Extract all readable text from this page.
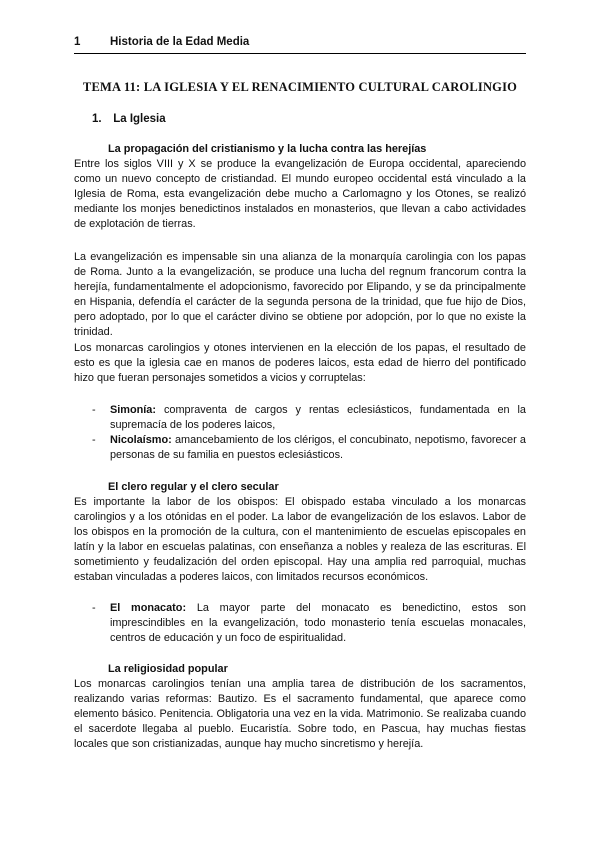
1	Historia de la Edad Media
TEMA 11: LA IGLESIA Y EL RENACIMIENTO CULTURAL CAROLINGIO
1. La Iglesia
La propagación del cristianismo y la lucha contra las herejías

Entre los siglos VIII y X se produce la evangelización de Europa occidental, apareciendo como un nuevo concepto de cristiandad. El mundo europeo occidental está vinculado a la Iglesia de Roma, esta evangelización debe mucho a Carlomagno y los Otones, se realizó mediante los monjes benedictinos instalados en monasterios, que llevan a cabo actividades de explotación de tierras.

La evangelización es impensable sin una alianza de la monarquía carolingia con los papas de Roma. Junto a la evangelización, se produce una lucha del regnum francorum contra la herejía, fundamentalmente el adopcionismo, favorecido por Elipando, y se da principalmente en Hispania, defendía el carácter de la segunda persona de la trinidad, que fue hijo de Dios, pero adoptado, por lo que el carácter divino se obtiene por adopción, por lo que no existe la trinidad.

Los monarcas carolingios y otones intervienen en la elección de los papas, el resultado de esto es que la iglesia cae en manos de poderes laicos, esta edad de hierro del pontificado hizo que fueran personajes sometidos a vicios y corruptelas:

- Simonía: compraventa de cargos y rentas eclesiásticos, fundamentada en la supremacía de los poderes laicos,
- Nicolaísmo: amancebamiento de los clérigos, el concubinato, nepotismo, favorecer a personas de su familia en puestos eclesiásticos.
El clero regular y el clero secular

Es importante la labor de los obispos: El obispado estaba vinculado a los monarcas carolingios y a los otónidas en el poder. La labor de evangelización de los eslavos. Labor de los obispos en la promoción de la cultura, con el mantenimiento de escuelas episcopales en latín y la labor en escuelas palatinas, con enseñanza a nobles y realeza de las escrituras. El sometimiento y feudalización del orden episcopal. Hay una amplia red parroquial, muchas estaban vinculadas a poderes laicos, con limitados recursos económicos.

- El monacato: La mayor parte del monacato es benedictino, estos son imprescindibles en la evangelización, todo monasterio tenía escuelas monacales, centros de educación y un foco de espiritualidad.
La religiosidad popular

Los monarcas carolingios tenían una amplia tarea de distribución de los sacramentos, realizando varias reformas: Bautizo. Es el sacramento fundamental, que aparece como elemento básico. Penitencia. Obligatoria una vez en la vida. Matrimonio. Se realizaba cuando el sacerdote llegaba al pueblo. Eucaristía. Sobre todo, en Pascua, hay muchas fiestas locales que son cristianizadas, aunque hay mucho sincretismo y herejía.
